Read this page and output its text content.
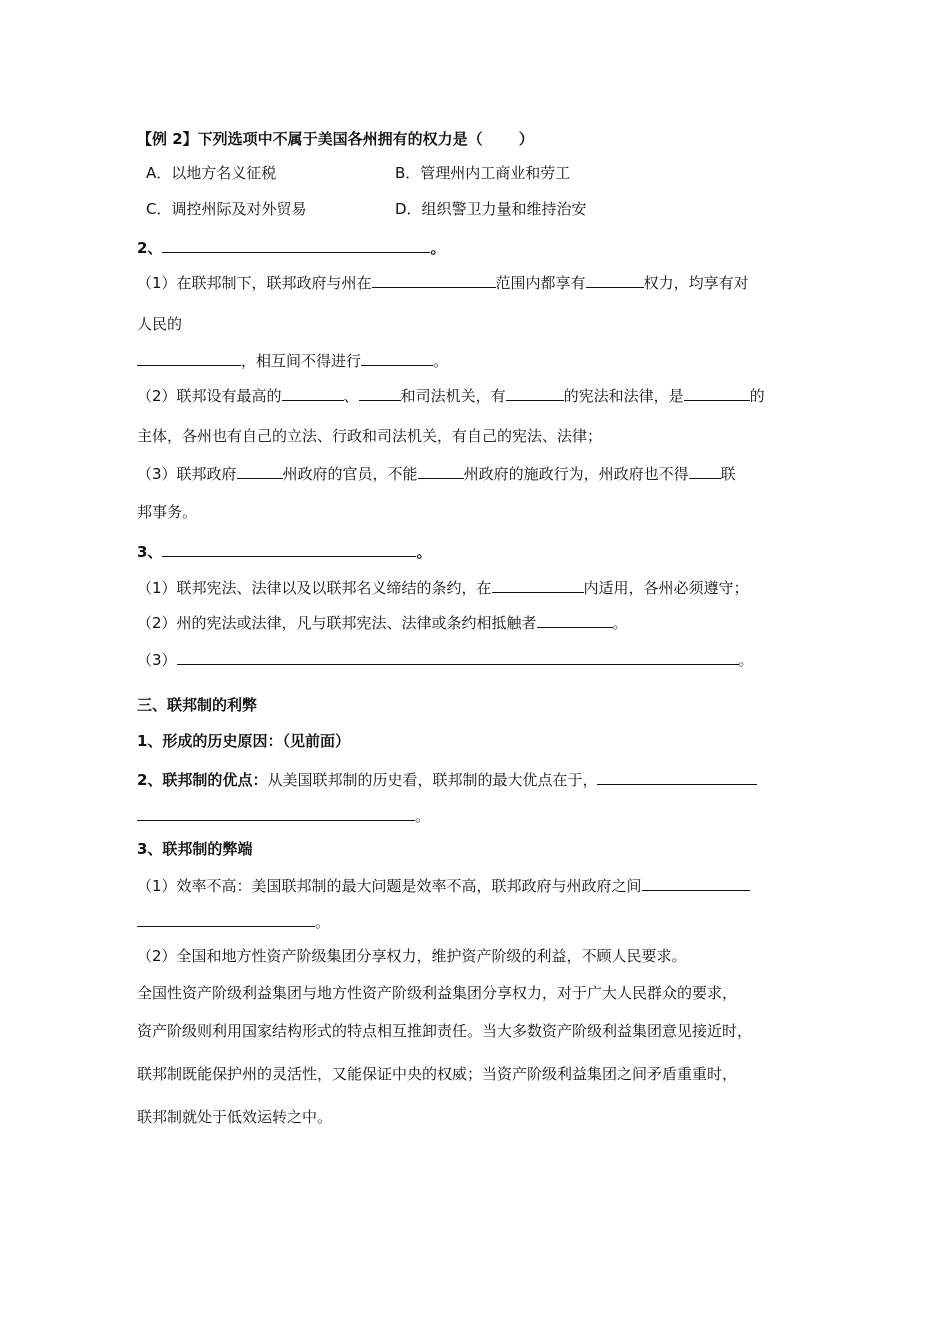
【例 2】下列选项中不属于美国各州拥有的权力是（ ）
A．以地方名义征税	B．管理州内工商业和劳工
C．调控州际及对外贸易	D．组织警卫力量和维持治安
2、	。
（1）在联邦制下，联邦政府与州在	范围内都享有	权力，均享有对
人民的
，相互间不得进行	。
（2）联邦设有最高的	、	和司法机关，有	的宪法和法律，是	的
主体，各州也有自己的立法、行政和司法机关，有自己的宪法、法律；
（3）联邦政府	州政府的官员，不能	州政府的施政行为，州政府也不得 联
邦事务。
3、	。
（1）联邦宪法、法律以及以联邦名义缔结的条约，在	内适用，各州必须遵守；
（2）州的宪法或法律，凡与联邦宪法、法律或条约相抵触者	。
（3）	。
三、联邦制的利弊
1、形成的历史原因：（见前面）
2、联邦制的优点：从美国联邦制的历史看，联邦制的最大优点在于，
。
3、联邦制的弊端
（1）效率不高：美国联邦制的最大问题是效率不高，联邦政府与州政府之间
。
（2）全国和地方性资产阶级集团分享权力，维护资产阶级的利益，不顾人民要求。
全国性资产阶级利益集团与地方性资产阶级利益集团分享权力，对于广大人民群众的要求，
资产阶级则利用国家结构形式的特点相互推卸责任。当大多数资产阶级利益集团意见接近时，
联邦制既能保护州的灵活性，又能保证中央的权威；当资产阶级利益集团之间矛盾重重时，
联邦制就处于低效运转之中。
